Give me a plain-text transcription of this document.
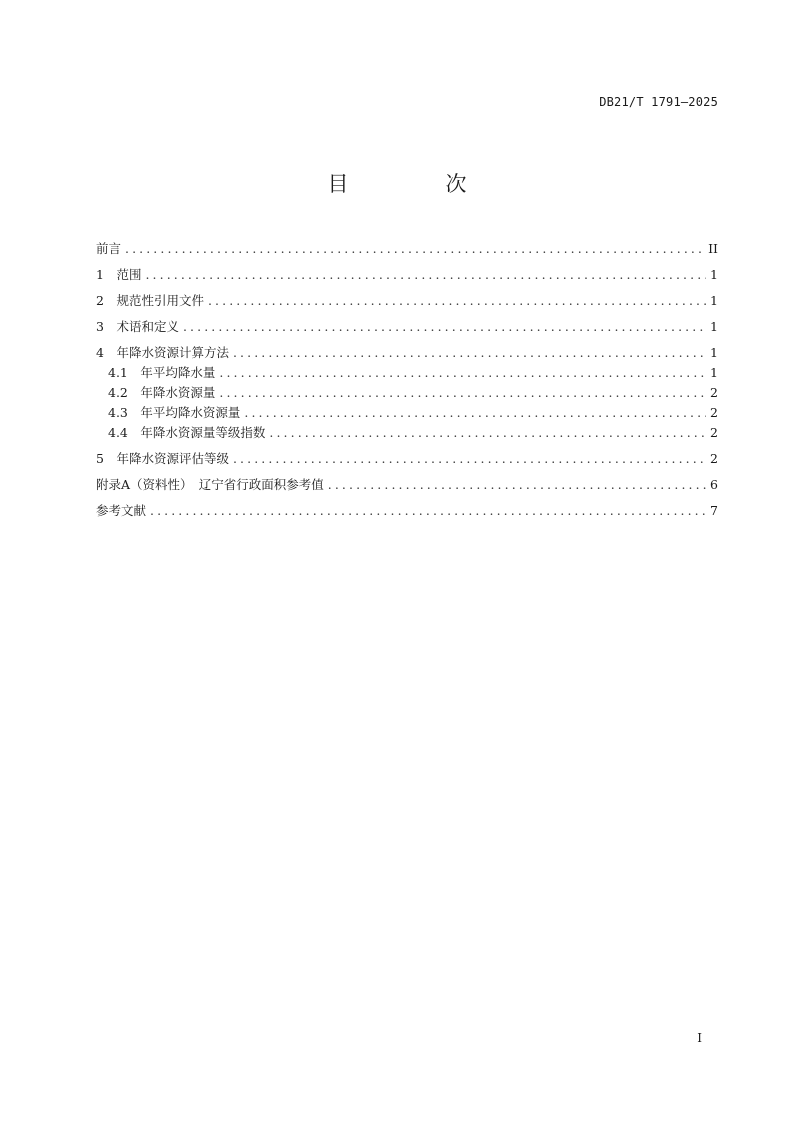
DB21/T 1791—2025
目　次
前言 .....	II
1　 范围 .....	1
2　 规范性引用文件 .....	1
3　 术语和定义 .....	1
4　 年降水资源计算方法 .....	1
4.1　 年平均降水量 .....	1
4.2　 年降水资源量 .....	2
4.3　 年平均降水资源量 .....	2
4.4　 年降水资源量等级指数 .....	2
5　 年降水资源评估等级 .....	2
附录A（资料性）　辽宁省行政面积参考值 .....	6
参考文献 .....	7
I
